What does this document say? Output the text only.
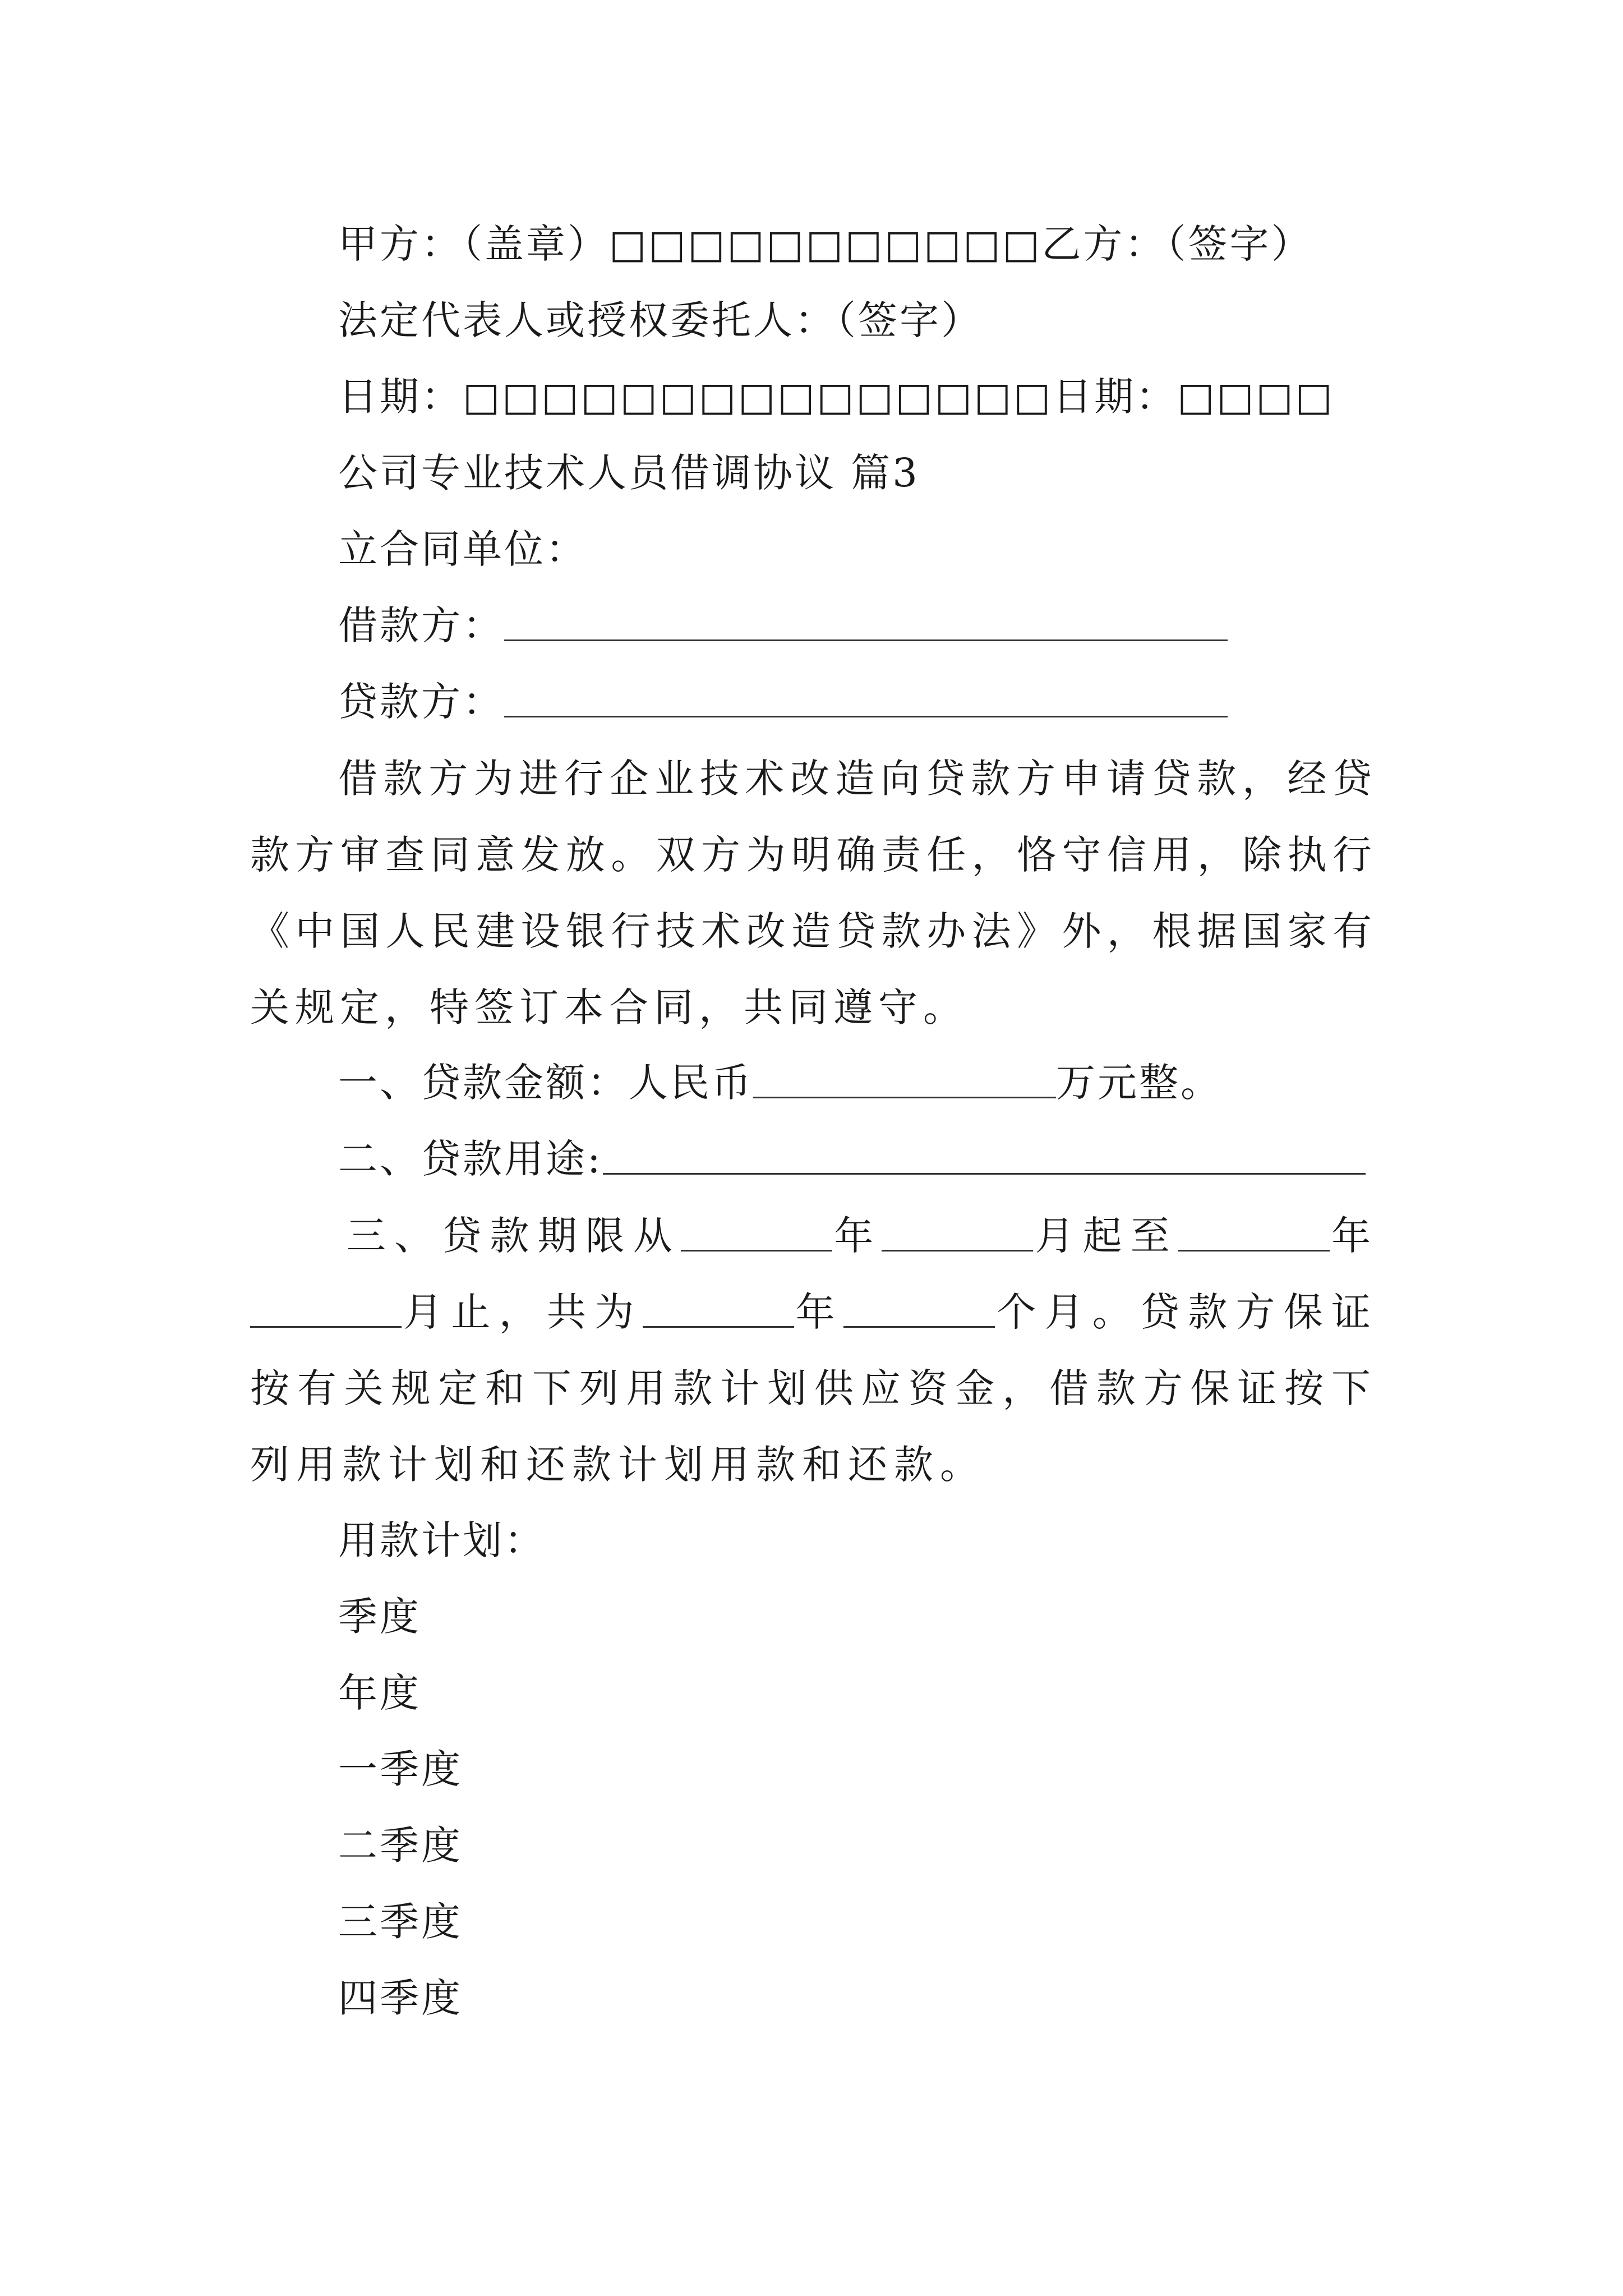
甲方：（盖章）□□□□□□□□□□□乙方：（签字）
法定代表人或授权委托人：（签字）
日期：□□□□□□□□□□□□□□□日期：□□□□
公司专业技术人员借调协议 篇3
立合同单位：
借款方：
贷款方：
借款方为进行企业技术改造向贷款方申请贷款，经贷款方审查同意发放。双方为明确责任，恪守信用，除执行《中国人民建设银行技术改造贷款办法》外，根据国家有关规定，特签订本合同，共同遵守。
一、贷款金额：人民币	万元整。
二、贷款用途:
三、贷款期限从	年	月起至	年月止，共为	年	个月。贷款方保证按有关规定和下列用款计划供应资金，借款方保证按下列用款计划和还款计划用款和还款。
用款计划：
季度
年度
一季度
二季度
三季度
四季度
